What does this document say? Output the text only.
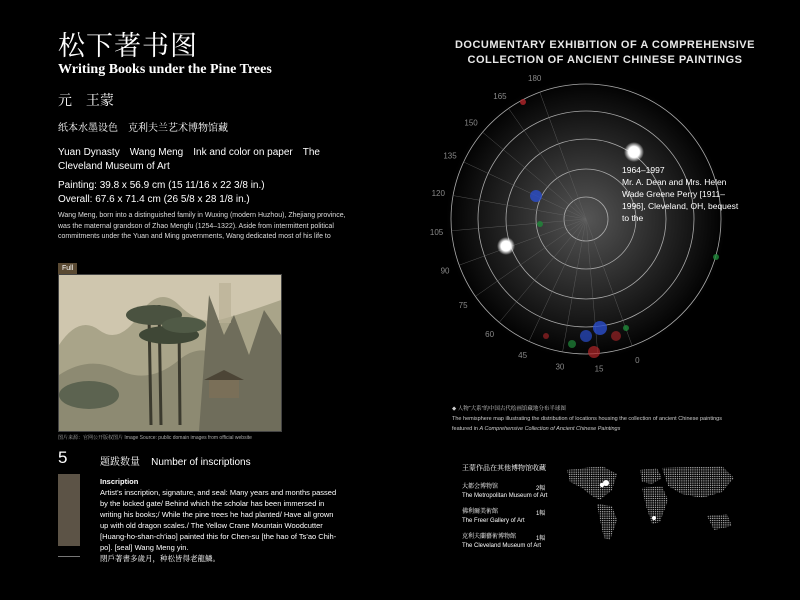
松下著书图
Writing Books under the Pine Trees
元 王蒙
纸本水墨设色　克利夫兰艺术博物馆藏
Yuan Dynasty　Wang Meng　Ink and color on paper　The Cleveland Museum of Art
Painting: 39.8 x 56.9 cm (15 11/16 x 22 3/8 in.)
Overall: 67.6 x 71.4 cm (26 5/8 x 28 1/8 in.)
Wang Meng, born into a distinguished family in Wuxing (modern Huzhou), Zhejiang province, was the maternal grandson of Zhao Mengfu (1254–1322). Aside from intermittent political commitments under the Yuan and Ming governments, Wang dedicated most of his life to
Full
图片来源：官网公开版权图片 Image Source: public domain images from official website
5	题跋数量 Number of inscriptions
Inscription
Artist's inscription, signature, and seal: Many years and months passed by the locked gate/ Behind which the scholar has been immersed in writing his books;/ While the pine trees he had planted/ Have all grown up with old dragon scales./ The Yellow Crane Mountain Woodcutter [Huang-ho-shan-ch'iao] painted this for Chen-su [the hao of Ts'ao Chih-po]. [seal] Wang Meng yin.
閉戶著書多歲月，种松皆得老龍鱗。
DOCUMENTARY EXHIBITION OF A COMPREHENSIVE
COLLECTION OF ANCIENT CHINESE PAINTINGS
0
15
30
45
60
75
90
105
120
135
150
165
180
1964–1997
Mr. A. Dean and Mrs. Helen Wade Greene Perry [1911–1996], Cleveland, OH, bequest to the
◆ 人物“大系”的中国古代绘画馆藏地分布半球图
The hemisphere map illustrating the distribution of locations housing the collection of ancient Chinese paintings
featured in A Comprehensive Collection of Ancient Chinese Paintings
王蒙作品在其他博物馆收藏
大都会博物馆
The Metropolitan Museum of Art
2幅
佛利爾美術館
The Freer Gallery of Art
1幅
克利夫蘭藝術博物館
The Cleveland Museum of Art
1幅
